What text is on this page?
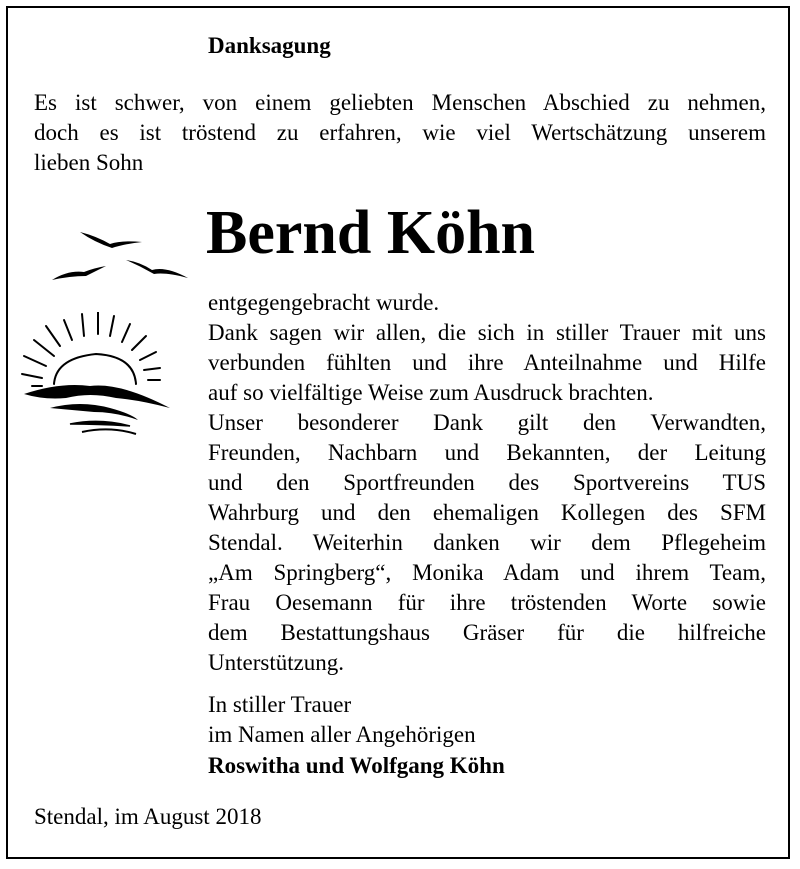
Danksagung
Es ist schwer, von einem geliebten Menschen Abschied zu nehmen,
doch es ist tröstend zu erfahren, wie viel Wertschätzung unserem
lieben Sohn
Bernd Köhn
entgegengebracht wurde.
Dank sagen wir allen, die sich in stiller Trauer mit uns
verbunden fühlten und ihre Anteilnahme und Hilfe
auf so vielfältige Weise zum Ausdruck brachten.
Unser besonderer Dank gilt den Verwandten,
Freunden, Nachbarn und Bekannten, der Leitung
und den Sportfreunden des Sportvereins TUS
Wahrburg und den ehemaligen Kollegen des SFM
Stendal. Weiterhin danken wir dem Pflegeheim
„Am Springberg“, Monika Adam und ihrem Team,
Frau Oesemann für ihre tröstenden Worte sowie
dem Bestattungshaus Gräser für die hilfreiche
Unterstützung.
In stiller Trauer
im Namen aller Angehörigen
Roswitha und Wolfgang Köhn
Stendal, im August 2018
